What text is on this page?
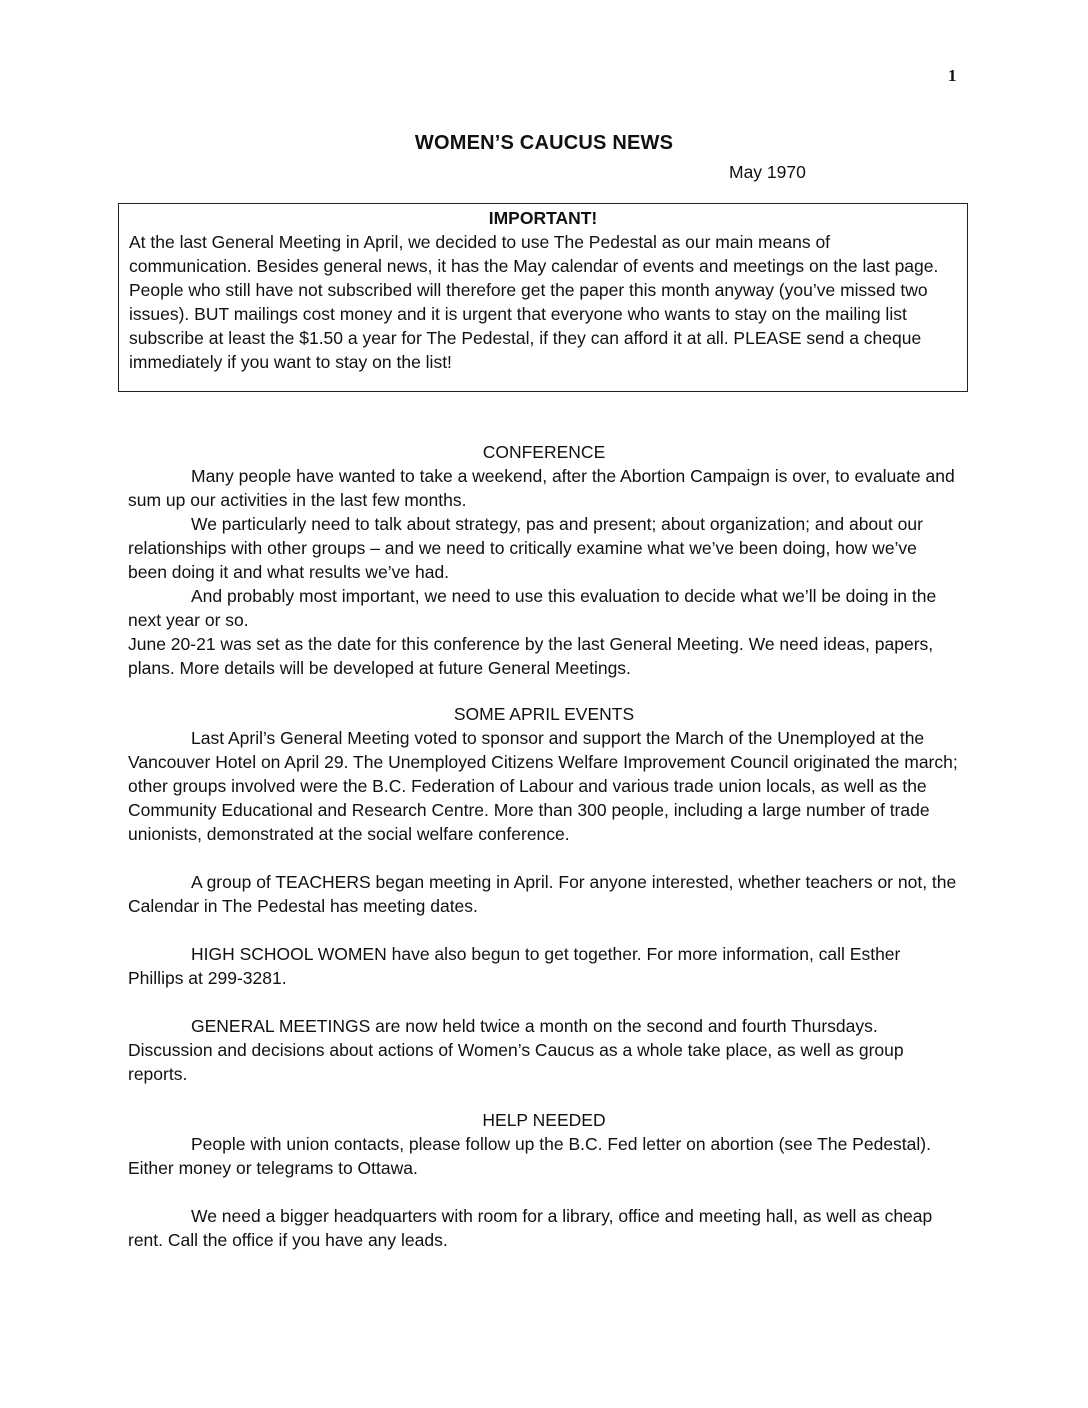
1
WOMEN’S CAUCUS NEWS
May 1970
IMPORTANT!

At the last General Meeting in April, we decided to use The Pedestal as our main means of communication. Besides general news, it has the May calendar of events and meetings on the last page. People who still have not subscribed will therefore get the paper this month anyway (you’ve missed two issues). BUT mailings cost money and it is urgent that everyone who wants to stay on the mailing list subscribe at least the $1.50 a year for The Pedestal, if they can afford it at all. PLEASE send a cheque immediately if you want to stay on the list!

CONFERENCE

Many people have wanted to take a weekend, after the Abortion Campaign is over, to evaluate and sum up our activities in the last few months.

We particularly need to talk about strategy, pas and present; about organization; and about our relationships with other groups – and we need to critically examine what we’ve been doing, how we’ve been doing it and what results we’ve had.

And probably most important, we need to use this evaluation to decide what we’ll be doing in the next year or so.

June 20-21 was set as the date for this conference by the last General Meeting. We need ideas, papers, plans. More details will be developed at future General Meetings.

SOME APRIL EVENTS

Last April’s General Meeting voted to sponsor and support the March of the Unemployed at the Vancouver Hotel on April 29. The Unemployed Citizens Welfare Improvement Council originated the march; other groups involved were the B.C. Federation of Labour and various trade union locals, as well as the Community Educational and Research Centre. More than 300 people, including a large number of trade unionists, demonstrated at the social welfare conference.

A group of TEACHERS began meeting in April. For anyone interested, whether teachers or not, the Calendar in The Pedestal has meeting dates.

HIGH SCHOOL WOMEN have also begun to get together. For more information, call Esther Phillips at 299-3281.

GENERAL MEETINGS are now held twice a month on the second and fourth Thursdays. Discussion and decisions about actions of Women’s Caucus as a whole take place, as well as group reports.

HELP NEEDED

People with union contacts, please follow up the B.C. Fed letter on abortion (see The Pedestal). Either money or telegrams to Ottawa.

We need a bigger headquarters with room for a library, office and meeting hall, as well as cheap rent. Call the office if you have any leads.
